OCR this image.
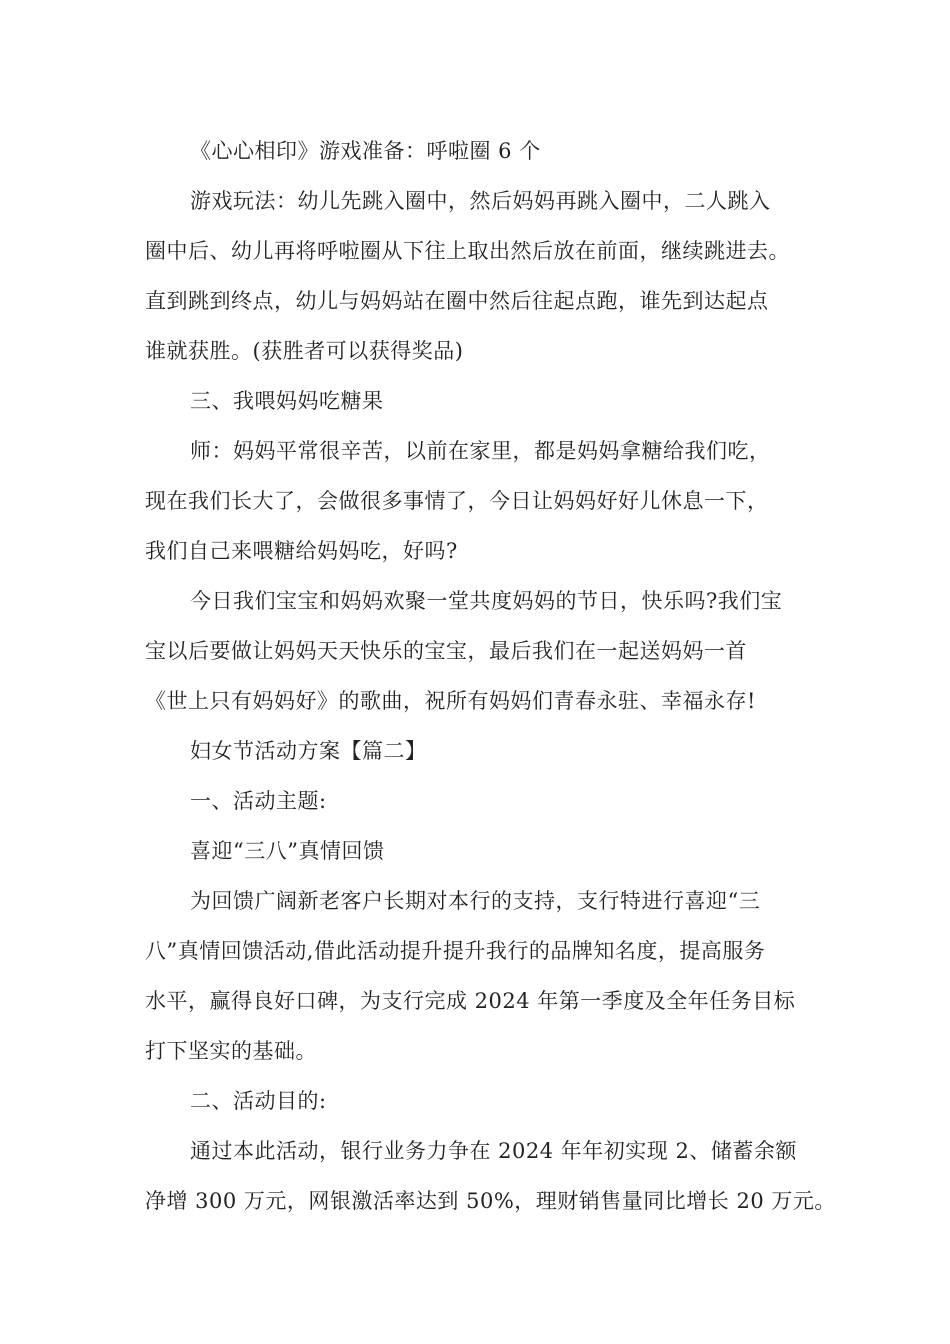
《心心相印》游戏准备：呼啦圈 6 个
游戏玩法：幼儿先跳入圈中，然后妈妈再跳入圈中，二人跳入
圈中后、幼儿再将呼啦圈从下往上取出然后放在前面，继续跳进去。
直到跳到终点，幼儿与妈妈站在圈中然后往起点跑，谁先到达起点
谁就获胜。(获胜者可以获得奖品)
三、我喂妈妈吃糖果
师：妈妈平常很辛苦，以前在家里，都是妈妈拿糖给我们吃，
现在我们长大了，会做很多事情了，今日让妈妈好好儿休息一下，
我们自己来喂糖给妈妈吃，好吗?
今日我们宝宝和妈妈欢聚一堂共度妈妈的节日，快乐吗?我们宝
宝以后要做让妈妈天天快乐的宝宝，最后我们在一起送妈妈一首
《世上只有妈妈好》的歌曲，祝所有妈妈们青春永驻、幸福永存!
妇女节活动方案【篇二】
一、活动主题:
喜迎“三八”真情回馈
为回馈广阔新老客户长期对本行的支持，支行特进行喜迎“三
八”真情回馈活动,借此活动提升提升我行的品牌知名度，提高服务
水平，赢得良好口碑，为支行完成 2024 年第一季度及全年任务目标
打下坚实的基础。
二、活动目的:
通过本此活动，银行业务力争在 2024 年年初实现 2、储蓄余额
净增 300 万元，网银激活率达到 50%，理财销售量同比增长 20 万元。
